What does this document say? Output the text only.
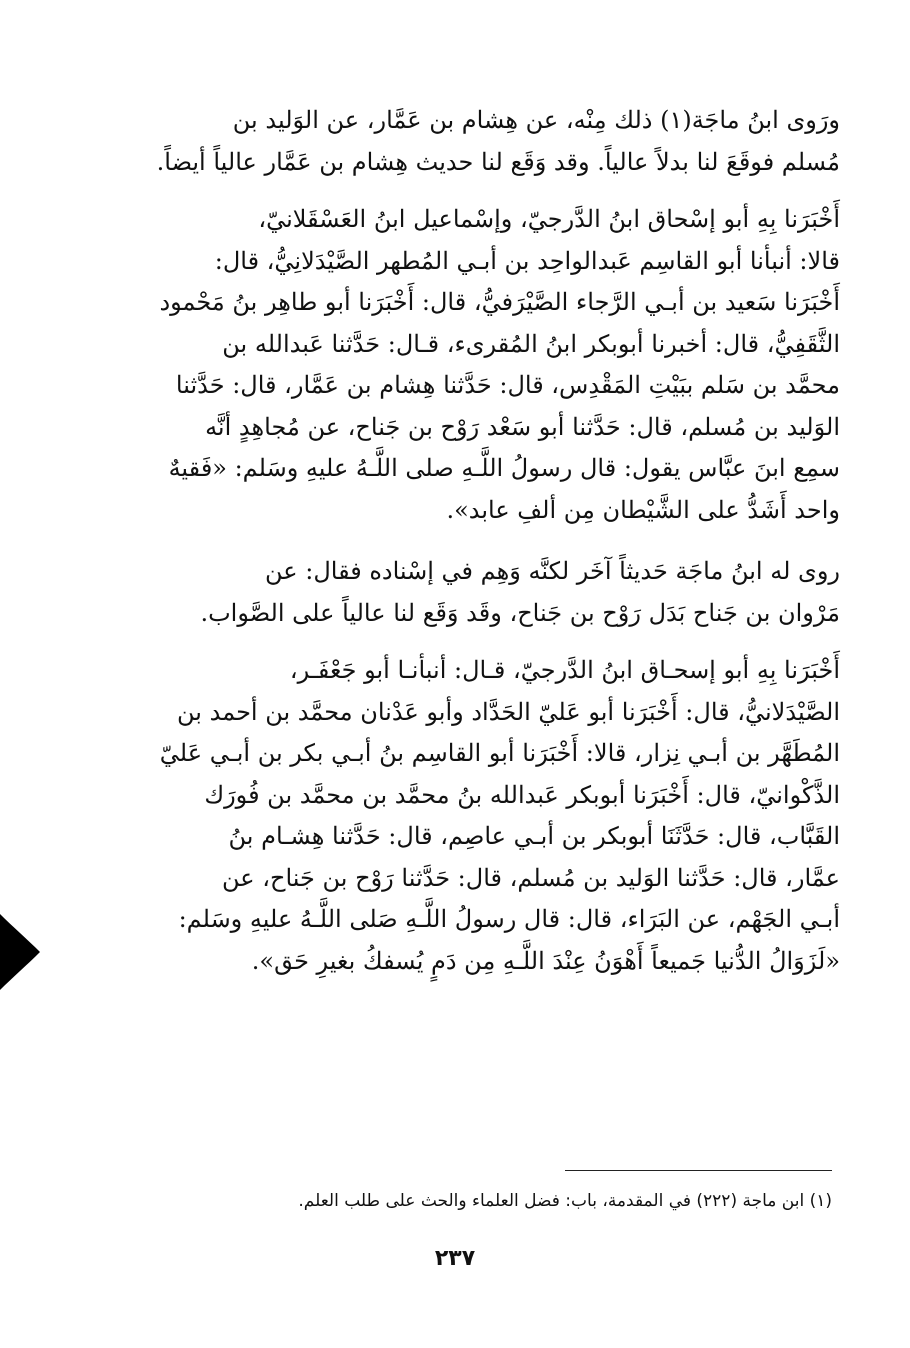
ورَوى ابنُ ماجَة(١) ذلك مِنْه، عن هِشام بن عَمَّار، عن الوَليد بن
مُسلم فوقَعَ لنا بدلاً عالياً. وقد وَقَع لنا حديث هِشام بن عَمَّار عالياً أيضاً.

أَخْبَرَنا بِهِ أبو إسْحاق ابنُ الدَّرجيّ، وإسْماعيل ابنُ العَسْقَلانيّ،
قالا: أنبأنا أبو القاسِم عَبدالواحِد بن أبـي المُطهر الصَّيْدَلانِيُّ، قال:
أَخْبَرَنا سَعيد بن أبـي الرَّجاء الصَّيْرَفيُّ، قال: أَخْبَرَنا أبو طاهِر بنُ مَحْمود
الثَّقَفِيُّ، قال: أخبرنا أبوبكر ابنُ المُقرىء، قـال: حَدَّثنا عَبدالله بن
محمَّد بن سَلم ببَيْتِ المَقْدِس، قال: حَدَّثنا هِشام بن عَمَّار، قال: حَدَّثنا
الوَليد بن مُسلم، قال: حَدَّثنا أبو سَعْد رَوْح بن جَناح، عن مُجاهِدٍ أنَّه
سمِع ابنَ عبَّاس يقول: قال رسولُ اللَّـهِ صلى اللَّـهُ عليهِ وسَلم: «فَقيهٌ
واحد أَشَدُّ على الشَّيْطان مِن ألفِ عابد».

روى له ابنُ ماجَة حَديثاً آخَر لكنَّه وَهِم في إسْناده فقال: عن
مَرْوان بن جَناح بَدَل رَوْح بن جَناح، وقَد وَقَع لنا عالياً على الصَّواب.

أَخْبَرَنا بِهِ أبو إسحـاق ابنُ الدَّرجيّ، قـال: أنبأنـا أبو جَعْفَـر،
الصَّيْدَلانيُّ، قال: أَخْبَرَنا أبو عَليّ الحَدَّاد وأبو عَدْنان محمَّد بن أحمد بن
المُطَهَّر بن أبـي نِزار، قالا: أَخْبَرَنا أبو القاسِم بنُ أبـي بكر بن أبـي عَليّ
الذَّكْوانيّ، قال: أَخْبَرَنا أبوبكر عَبدالله بنُ محمَّد بن محمَّد بن فُورَك
القَبَّاب، قال: حَدَّثَنَا أبوبكر بن أبـي عاصِم، قال: حَدَّثنا هِشـام بنُ
عمَّار، قال: حَدَّثنا الوَليد بن مُسلم، قال: حَدَّثنا رَوْح بن جَناح، عن
أبـي الجَهْم، عن البَرَاء، قال: قال رسولُ اللَّـهِ صَلى اللَّـهُ عليهِ وسَلم:
«لَزَوَالُ الدُّنيا جَميعاً أَهْوَنُ عِنْدَ اللَّـهِ مِن دَمٍ يُسفكُ بغيرِ حَق».

(١) ابن ماجة (٢٢٢) في المقدمة، باب: فضل العلماء والحث على طلب العلم.
٢٣٧
